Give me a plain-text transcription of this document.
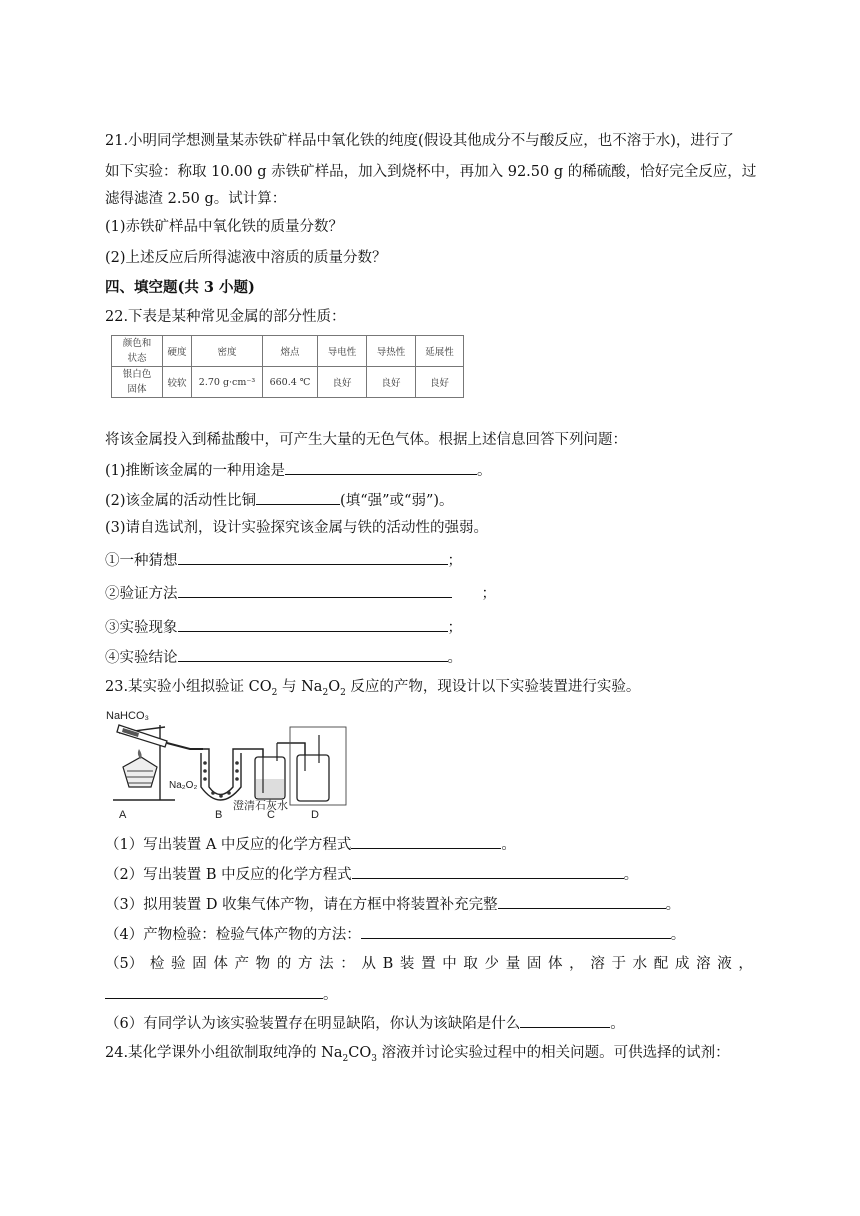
21.小明同学想测量某赤铁矿样品中氧化铁的纯度(假设其他成分不与酸反应，也不溶于水)，进行了
如下实验：称取 10.00 g 赤铁矿样品，加入到烧杯中，再加入 92.50 g 的稀硫酸，恰好完全反应，过
滤得滤渣 2.50 g。试计算：
(1)赤铁矿样品中氧化铁的质量分数？
(2)上述反应后所得滤液中溶质的质量分数？
四、填空题(共 3 小题)
22.下表是某种常见金属的部分性质：
颜色和
状态	硬度	密度	熔点	导电性	导热性	延展性
银白色
固体	较软	2.70 g·cm⁻³	660.4 ℃	良好	良好	良好
将该金属投入到稀盐酸中，可产生大量的无色气体。根据上述信息回答下列问题：
(1)推断该金属的一种用途是	。
(2)该金属的活动性比铜	(填“强”或“弱”)。
(3)请自选试剂，设计实验探究该金属与铁的活动性的强弱。
①一种猜想	；
②验证方法	；
③实验现象	；
④实验结论	。
23.某实验小组拟验证 $CO_2$ 与 $Na_2O_2$ 反应的产物，现设计以下实验装置进行实验。
NaHCO₃
Na₂O₂
澄清石灰水
A	B	C	D
（1）写出装置 A 中反应的化学方程式	。
（2）写出装置 B 中反应的化学方程式	。
（3）拟用装置 D 收集气体产物，请在方框中将装置补充完整	。
（4）产物检验：检验气体产物的方法：	。
（5） 检 验 固 体 产 物 的 方 法 ： 从 B 装 置 中 取 少 量 固 体 ， 溶 于 水 配 成 溶 液 ，
。
（6）有同学认为该实验装置存在明显缺陷，你认为该缺陷是什么	。
24.某化学课外小组欲制取纯净的 $Na_2CO_3$ 溶液并讨论实验过程中的相关问题。可供选择的试剂：
